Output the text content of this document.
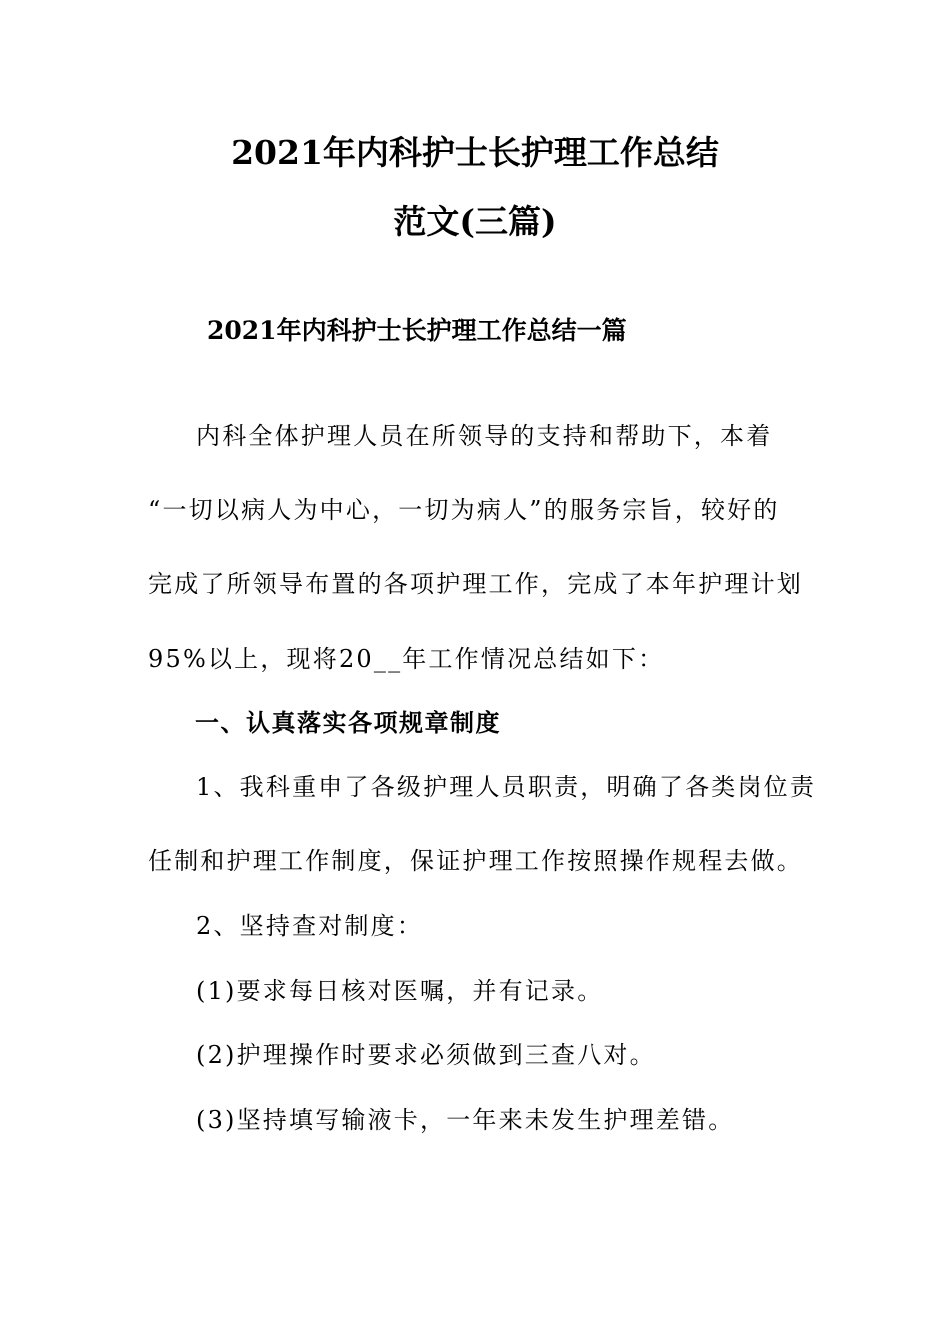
2021年内科护士长护理工作总结
范文(三篇)
2021年内科护士长护理工作总结一篇
内科全体护理人员在所领导的支持和帮助下，本着
“一切以病人为中心，一切为病人”的服务宗旨，较好的
完成了所领导布置的各项护理工作，完成了本年护理计划
95%以上，现将20__年工作情况总结如下：
一、认真落实各项规章制度
1、我科重申了各级护理人员职责，明确了各类岗位责
任制和护理工作制度，保证护理工作按照操作规程去做。
2、坚持查对制度：
(1)要求每日核对医嘱，并有记录。
(2)护理操作时要求必须做到三查八对。
(3)坚持填写输液卡，一年来未发生护理差错。
